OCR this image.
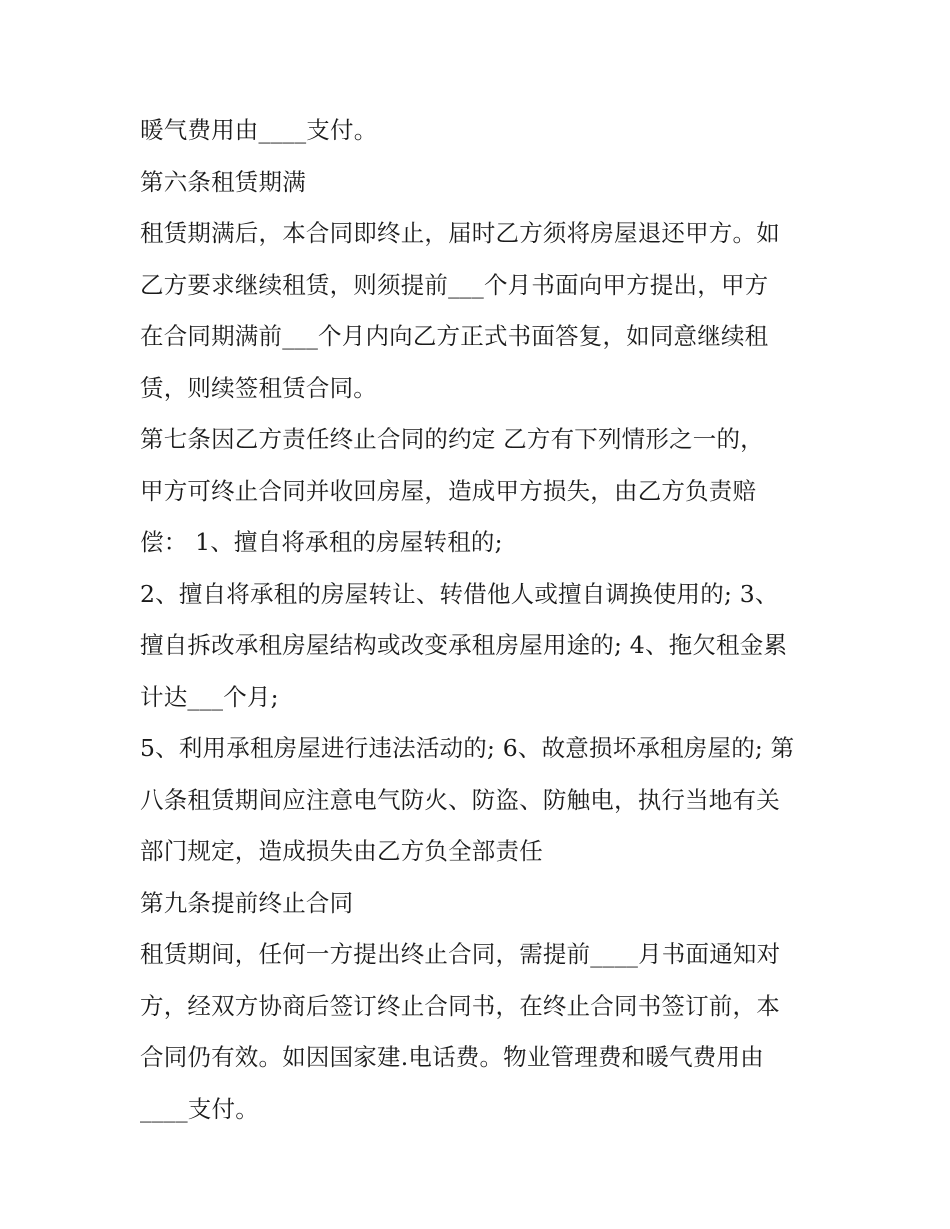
暖气费用由____支付。
第六条租赁期满
租赁期满后，本合同即终止，届时乙方须将房屋退还甲方。如
乙方要求继续租赁，则须提前___个月书面向甲方提出，甲方
在合同期满前___个月内向乙方正式书面答复，如同意继续租
赁，则续签租赁合同。
第七条因乙方责任终止合同的约定 乙方有下列情形之一的，
甲方可终止合同并收回房屋，造成甲方损失，由乙方负责赔
偿： 1、擅自将承租的房屋转租的;
2、擅自将承租的房屋转让、转借他人或擅自调换使用的; 3、
擅自拆改承租房屋结构或改变承租房屋用途的; 4、拖欠租金累
计达___个月;
5、利用承租房屋进行违法活动的; 6、故意损坏承租房屋的; 第
八条租赁期间应注意电气防火、防盗、防触电，执行当地有关
部门规定，造成损失由乙方负全部责任
第九条提前终止合同
租赁期间，任何一方提出终止合同，需提前____月书面通知对
方，经双方协商后签订终止合同书，在终止合同书签订前，本
合同仍有效。如因国家建.电话费。物业管理费和暖气费用由
____支付。
